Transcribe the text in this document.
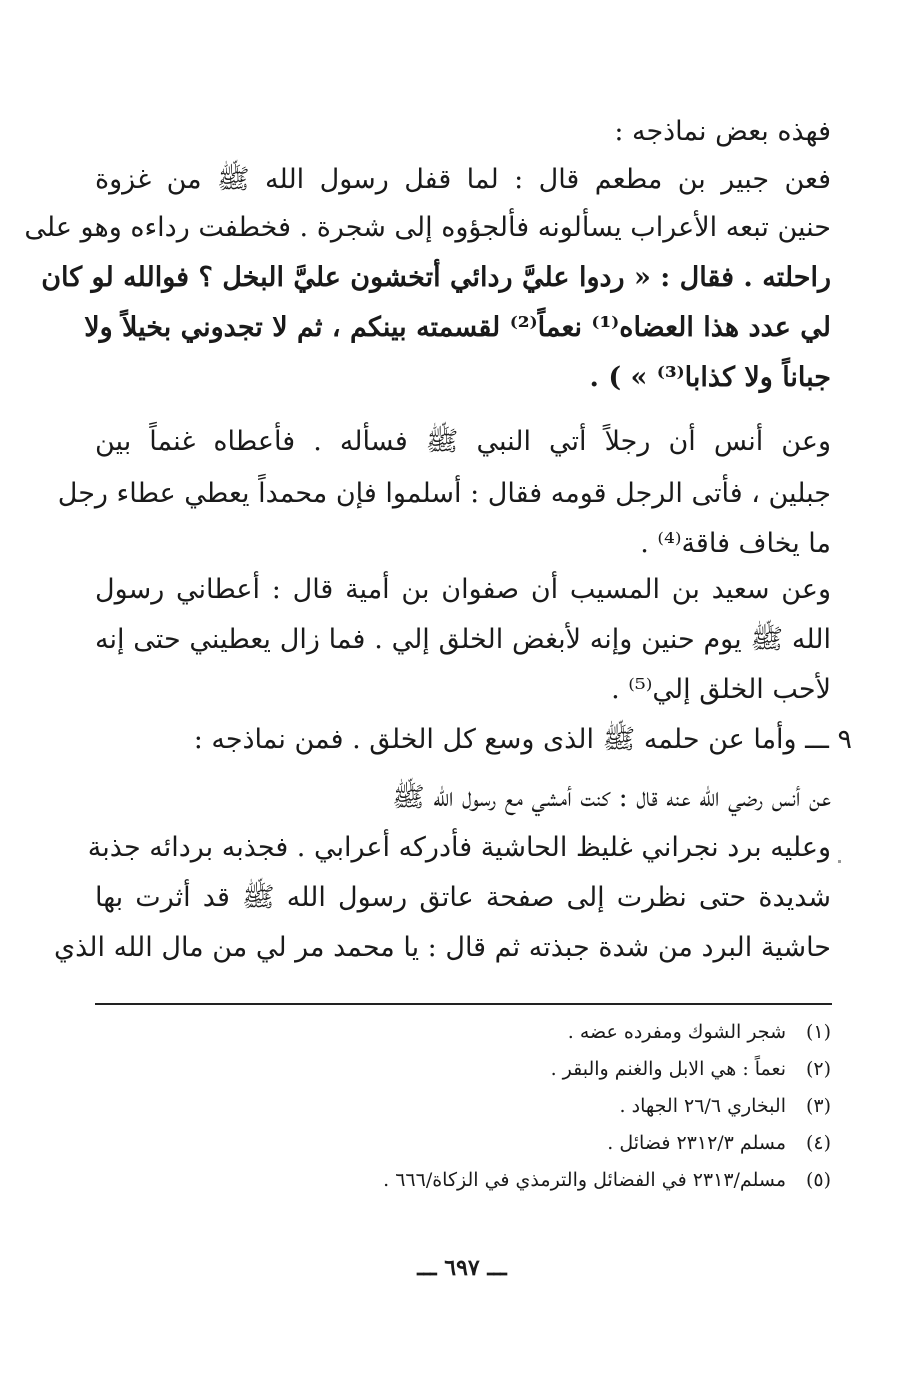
فهذه بعض نماذجه :
فعن جبير بن مطعم قال : لما قفل رسول الله ﷺ من غزوة
حنين تبعه الأعراب يسألونه فألجؤوه إلى شجرة . فخطفت رداءه وهو على
راحلته . فقال : « ردوا عليَّ ردائي أتخشون عليَّ البخل ؟ فوالله لو كان
لي عدد هذا العضاه⁽¹⁾ نعماً⁽²⁾ لقسمته بينكم ، ثم لا تجدوني بخيلاً ولا
جباناً ولا كذابا⁽³⁾ » ) .
وعن أنس أن رجلاً أتي النبي ﷺ فسأله . فأعطاه غنماً بين
جبلين ، فأتى الرجل قومه فقال : أسلموا فإن محمداً يعطي عطاء رجل
ما يخاف فاقة⁽⁴⁾ .
وعن سعيد بن المسيب أن صفوان بن أمية قال : أعطاني رسول
الله ﷺ يوم حنين وإنه لأبغض الخلق إلي . فما زال يعطيني حتى إنه
لأحب الخلق إلي⁽⁵⁾ .
٩ ـــ وأما عن حلمه ﷺ الذى وسع كل الخلق . فمن نماذجه :
عن أنس رضي الله عنه قال : كنت أمشي مع رسول الله ﷺ
وعليه برد نجراني غليظ الحاشية فأدركه أعرابي . فجذبه بردائه جذبة
شديدة حتى نظرت إلى صفحة عاتق رسول الله ﷺ قد أثرت بها
حاشية البرد من شدة جبذته ثم قال : يا محمد مر لي من مال الله الذي
(١)شجر الشوك ومفرده عضه .
(٢)نعماً : هي الابل والغنم والبقر .
(٣)البخاري ٢٦/٦ الجهاد .
(٤)مسلم ٢٣١٢/٣ فضائل .
(٥)مسلم/٢٣١٣ في الفضائل والترمذي في الزكاة/٦٦٦ .
ـــ ٦٩٧ ـــ
